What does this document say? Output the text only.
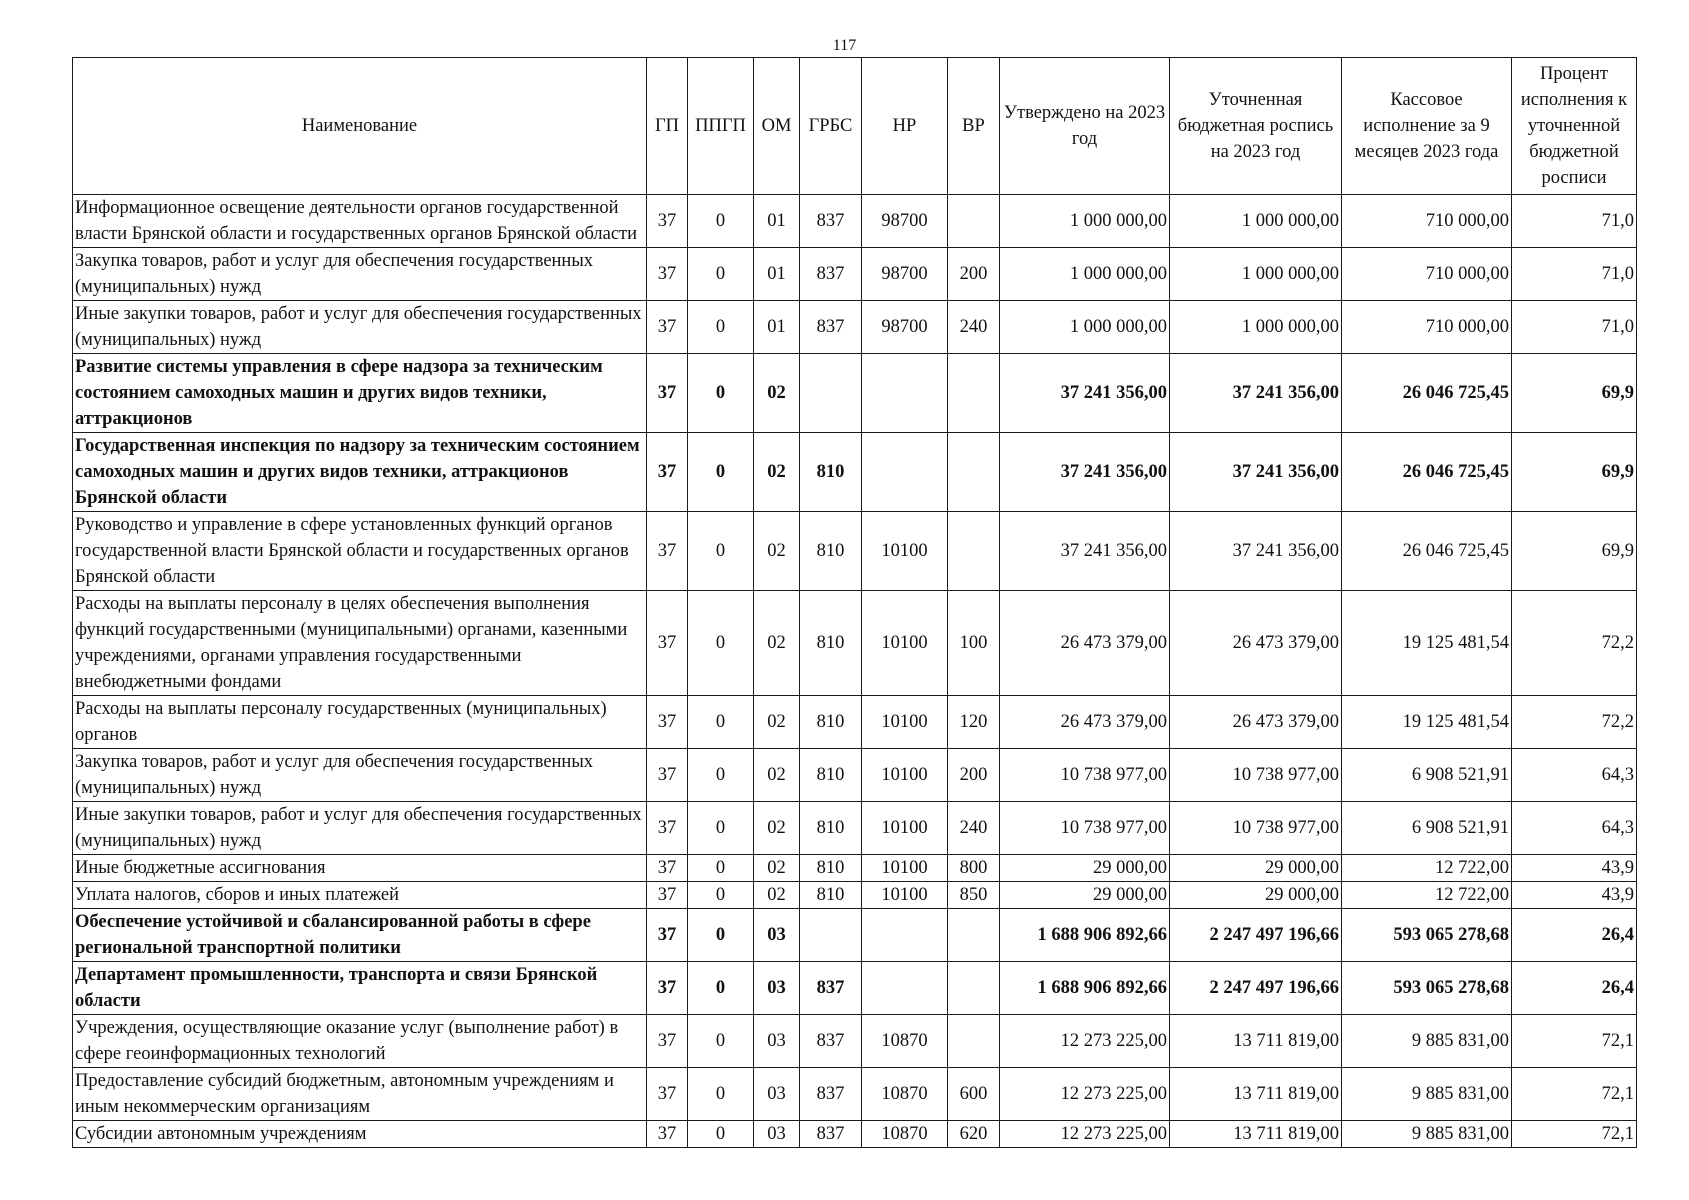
117
Наименование	ГП	ППГП	ОМ	ГРБС	НР	ВР	Утверждено на 2023 год	Уточненная бюджетная роспись на 2023 год	Кассовое исполнение за 9 месяцев 2023 года	Процент исполнения к уточненной бюджетной росписи
Информационное освещение деятельности органов государственной власти Брянской области и государственных органов Брянской области	37	0	01	837	98700		1 000 000,00	1 000 000,00	710 000,00	71,0
Закупка товаров, работ и услуг для обеспечения государственных (муниципальных) нужд	37	0	01	837	98700	200	1 000 000,00	1 000 000,00	710 000,00	71,0
Иные закупки товаров, работ и услуг для обеспечения государственных (муниципальных) нужд	37	0	01	837	98700	240	1 000 000,00	1 000 000,00	710 000,00	71,0
Развитие системы управления в сфере надзора за техническим состоянием самоходных машин и других видов техники, аттракционов	37	0	02				37 241 356,00	37 241 356,00	26 046 725,45	69,9
Государственная инспекция по надзору за техническим состоянием самоходных машин и других видов техники, аттракционов Брянской области	37	0	02	810			37 241 356,00	37 241 356,00	26 046 725,45	69,9
Руководство и управление в сфере установленных функций органов государственной власти Брянской области и государственных органов Брянской области	37	0	02	810	10100		37 241 356,00	37 241 356,00	26 046 725,45	69,9
Расходы на выплаты персоналу в целях обеспечения выполнения функций государственными (муниципальными) органами, казенными учреждениями, органами управления государственными внебюджетными фондами	37	0	02	810	10100	100	26 473 379,00	26 473 379,00	19 125 481,54	72,2
Расходы на выплаты персоналу государственных (муниципальных) органов	37	0	02	810	10100	120	26 473 379,00	26 473 379,00	19 125 481,54	72,2
Закупка товаров, работ и услуг для обеспечения государственных (муниципальных) нужд	37	0	02	810	10100	200	10 738 977,00	10 738 977,00	6 908 521,91	64,3
Иные закупки товаров, работ и услуг для обеспечения государственных (муниципальных) нужд	37	0	02	810	10100	240	10 738 977,00	10 738 977,00	6 908 521,91	64,3
Иные бюджетные ассигнования	37	0	02	810	10100	800	29 000,00	29 000,00	12 722,00	43,9
Уплата налогов, сборов и иных платежей	37	0	02	810	10100	850	29 000,00	29 000,00	12 722,00	43,9
Обеспечение устойчивой и сбалансированной работы в сфере региональной транспортной политики	37	0	03				1 688 906 892,66	2 247 497 196,66	593 065 278,68	26,4
Департамент промышленности, транспорта и связи Брянской области	37	0	03	837			1 688 906 892,66	2 247 497 196,66	593 065 278,68	26,4
Учреждения, осуществляющие оказание услуг (выполнение работ) в сфере геоинформационных технологий	37	0	03	837	10870		12 273 225,00	13 711 819,00	9 885 831,00	72,1
Предоставление субсидий бюджетным, автономным учреждениям и иным некоммерческим организациям	37	0	03	837	10870	600	12 273 225,00	13 711 819,00	9 885 831,00	72,1
Субсидии автономным учреждениям	37	0	03	837	10870	620	12 273 225,00	13 711 819,00	9 885 831,00	72,1
